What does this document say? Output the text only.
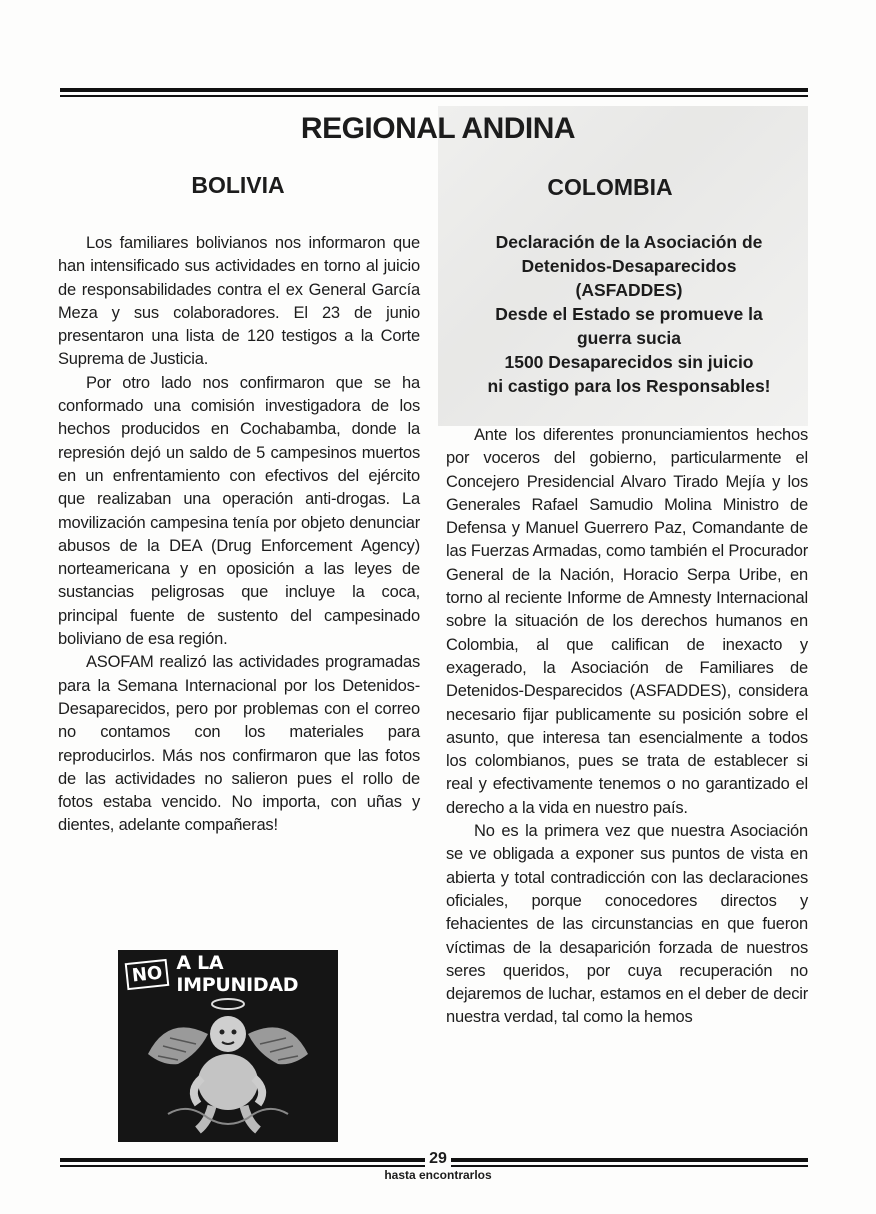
REGIONAL ANDINA
BOLIVIA	COLOMBIA
Declaración de la Asociación de
Detenidos-Desaparecidos
(ASFADDES)
Desde el Estado se promueve la
guerra sucia
1500 Desaparecidos sin juicio
ni castigo para los Responsables!

Los familiares bolivianos nos informaron que han intensificado sus actividades en torno al juicio de responsabilidades contra el ex General García Meza y sus colaboradores. El 23 de junio presentaron una lista de 120 testigos a la Corte Suprema de Justicia.

Por otro lado nos confirmaron que se ha conformado una comisión investigadora de los hechos producidos en Cochabamba, donde la represión dejó un saldo de 5 campesinos muertos en un enfrentamiento con efectivos del ejército que realizaban una operación anti-drogas. La movilización campesina tenía por objeto denunciar abusos de la DEA (Drug Enforcement Agency) norteamericana y en oposición a las leyes de sustancias peligrosas que incluye la coca, principal fuente de sustento del campesinado boliviano de esa región.

ASOFAM realizó las actividades programadas para la Semana Internacional por los Detenidos-Desaparecidos, pero por problemas con el correo no contamos con los materiales para reproducirlos. Más nos confirmaron que las fotos de las actividades no salieron pues el rollo de fotos estaba vencido. No importa, con uñas y dientes, adelante compañeras!

Ante los diferentes pronunciamientos hechos por voceros del gobierno, particularmente el Concejero Presidencial Alvaro Tirado Mejía y los Generales Rafael Samudio Molina Ministro de Defensa y Manuel Guerrero Paz, Comandante de las Fuerzas Armadas, como también el Procurador General de la Nación, Horacio Serpa Uribe, en torno al reciente Informe de Amnesty Internacional sobre la situación de los derechos humanos en Colombia, al que califican de inexacto y exagerado, la Asociación de Familiares de Detenidos-Desparecidos (ASFADDES), considera necesario fijar publicamente su posición sobre el asunto, que interesa tan esencialmente a todos los colombianos, pues se trata de establecer si real y efectivamente tenemos o no garantizado el derecho a la vida en nuestro país.

No es la primera vez que nuestra Asociación se ve obligada a exponer sus puntos de vista en abierta y total contradicción con las declaraciones oficiales, porque conocedores directos y fehacientes de las circunstancias en que fueron víctimas de la desaparición forzada de nuestros seres queridos, por cuya recuperación no dejaremos de luchar, estamos en el deber de decir nuestra verdad, tal como la hemos

NO A LA IMPUNIDAD
29
hasta encontrarlos
